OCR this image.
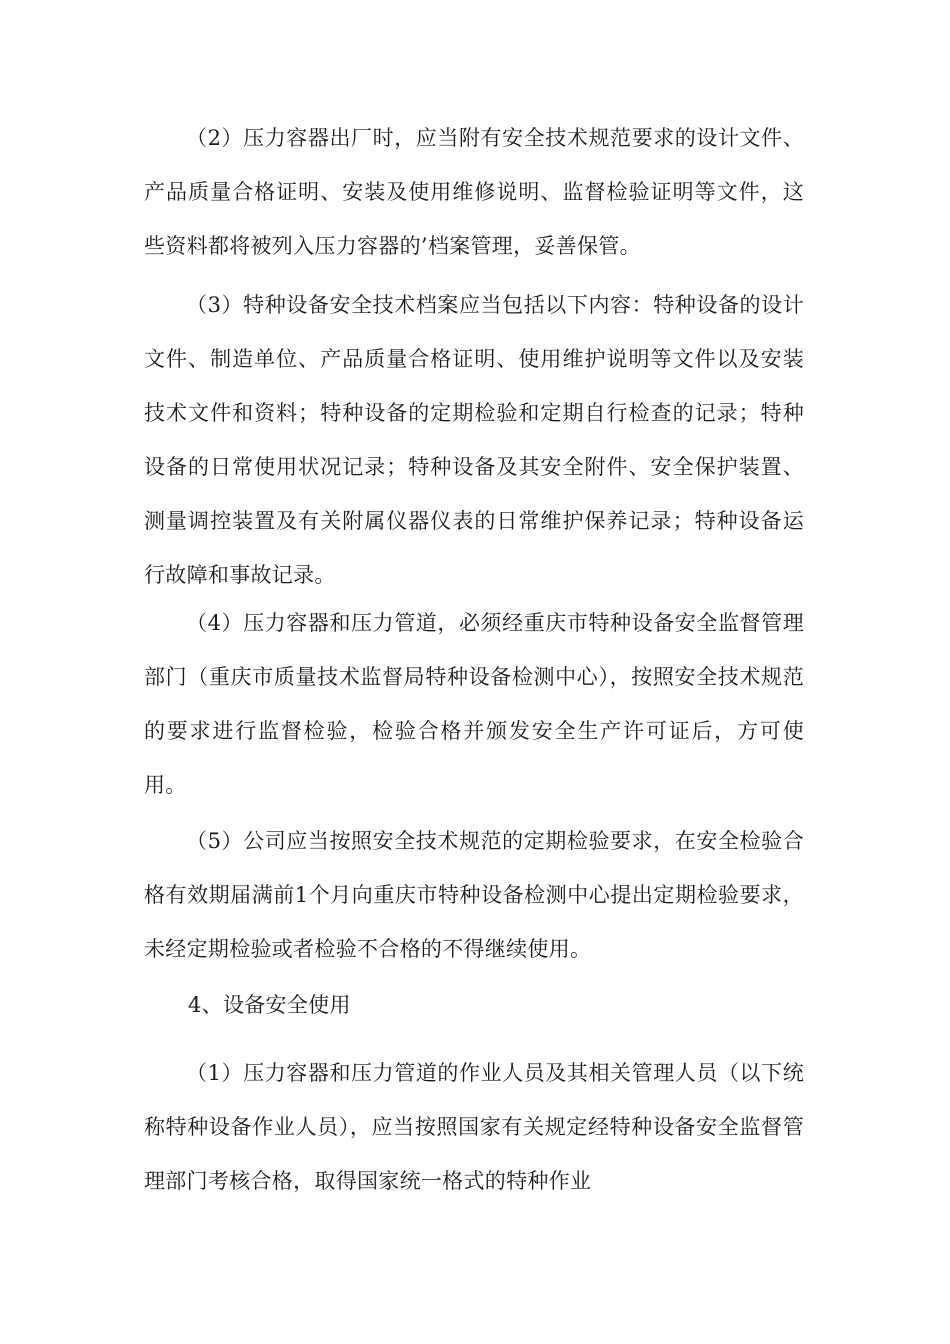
（2）压力容器出厂时，应当附有安全技术规范要求的设计文件、产品质量合格证明、安装及使用维修说明、监督检验证明等文件，这些资料都将被列入压力容器的’档案管理，妥善保管。

（3）特种设备安全技术档案应当包括以下内容：特种设备的设计文件、制造单位、产品质量合格证明、使用维护说明等文件以及安装技术文件和资料；特种设备的定期检验和定期自行检查的记录；特种设备的日常使用状况记录；特种设备及其安全附件、安全保护装置、测量调控装置及有关附属仪器仪表的日常维护保养记录；特种设备运行故障和事故记录。

（4）压力容器和压力管道，必须经重庆市特种设备安全监督管理部门（重庆市质量技术监督局特种设备检测中心），按照安全技术规范的要求进行监督检验，检验合格并颁发安全生产许可证后，方可使用。

（5）公司应当按照安全技术规范的定期检验要求，在安全检验合格有效期届满前1个月向重庆市特种设备检测中心提出定期检验要求，未经定期检验或者检验不合格的不得继续使用。

4、设备安全使用

（1）压力容器和压力管道的作业人员及其相关管理人员（以下统称特种设备作业人员），应当按照国家有关规定经特种设备安全监督管理部门考核合格，取得国家统一格式的特种作业
